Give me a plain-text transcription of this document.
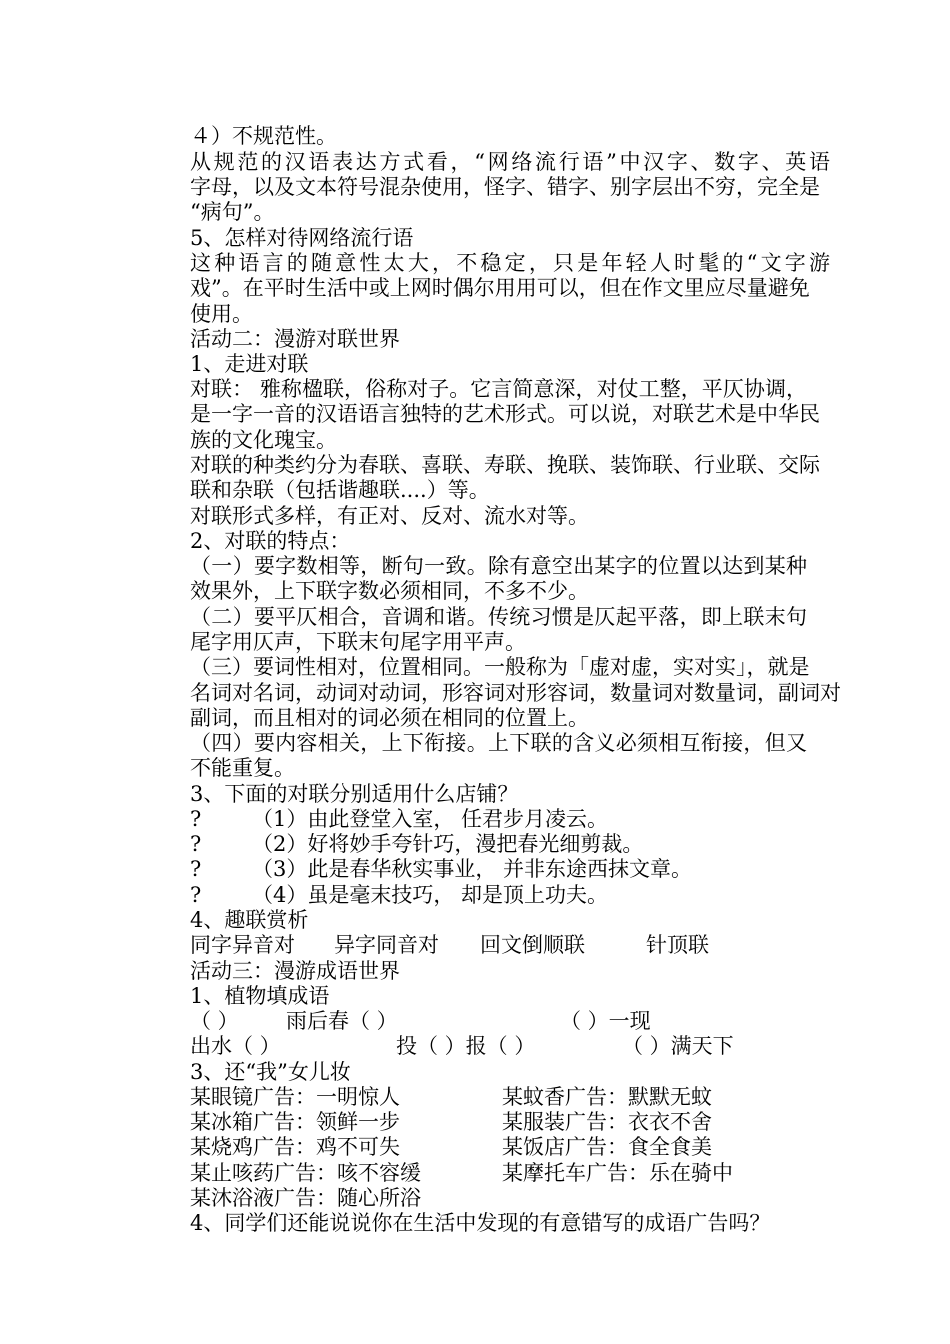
４）不规范性。
从规范的汉语表达方式看，“网络流行语”中汉字、数字、英语
字母，以及文本符号混杂使用，怪字、错字、别字层出不穷，完全是
“病句”。
5、怎样对待网络流行语
这种语言的随意性太大，不稳定，只是年轻人时髦的“文字游
戏”。在平时生活中或上网时偶尔用用可以，但在作文里应尽量避免
使用。
活动二：漫游对联世界
1、走进对联
对联： 雅称楹联，俗称对子。它言简意深，对仗工整，平仄协调，
是一字一音的汉语语言独特的艺术形式。可以说，对联艺术是中华民
族的文化瑰宝。
对联的种类约分为春联、喜联、寿联、挽联、装饰联、行业联、交际
联和杂联（包括谐趣联....）等。
对联形式多样，有正对、反对、流水对等。
2、对联的特点：
（一）要字数相等，断句一致。除有意空出某字的位置以达到某种
效果外，上下联字数必须相同，不多不少。
（二）要平仄相合，音调和谐。传统习惯是仄起平落，即上联末句
尾字用仄声，下联末句尾字用平声。
（三）要词性相对，位置相同。一般称为「虚对虚，实对实」，就是
名词对名词，动词对动词，形容词对形容词，数量词对数量词，副词对
副词，而且相对的词必须在相同的位置上。
（四）要内容相关，上下衔接。上下联的含义必须相互衔接，但又
不能重复。
3、下面的对联分别适用什么店铺？
? （1）由此登堂入室， 任君步月凌云。
? （2）好将妙手夸针巧，漫把春光细剪裁。
? （3）此是春华秋实事业， 并非东途西抹文章。
? （4）虽是毫末技巧， 却是顶上功夫。
4、趣联赏析
同字异音对 异字同音对 回文倒顺联	针顶联
活动三：漫游成语世界
1、植物填成语
（ ） 雨后春（ ）	（ ）一现
出水（ ）	投（ ）报（ ）	（ ）满天下
3、还“我”女儿妆
某眼镜广告：一明惊人	某蚊香广告：默默无蚊
某冰箱广告：领鲜一步	某服装广告：衣衣不舍
某烧鸡广告：鸡不可失	某饭店广告：食全食美
某止咳药广告：咳不容缓	某摩托车广告：乐在骑中
某沐浴液广告：随心所浴
4、同学们还能说说你在生活中发现的有意错写的成语广告吗？
